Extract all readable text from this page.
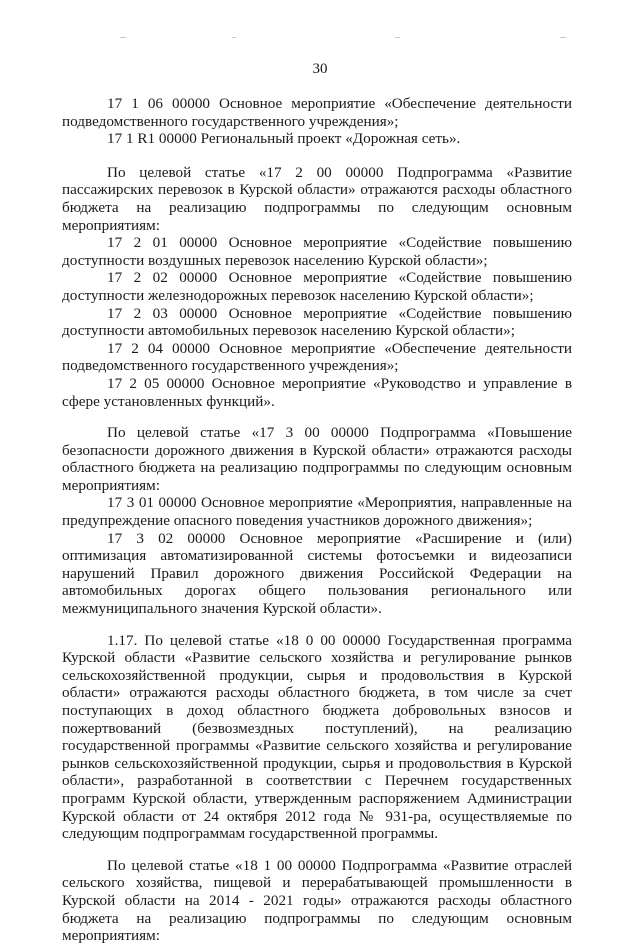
30

17 1 06 00000 Основное мероприятие «Обеспечение деятельности подведомственного государственного учреждения»;

17 1 R1 00000 Региональный проект «Дорожная сеть».

По целевой статье «17 2 00 00000 Подпрограмма «Развитие пассажирских перевозок в Курской области» отражаются расходы областного бюджета на реализацию подпрограммы по следующим основным мероприятиям:

17 2 01 00000 Основное мероприятие «Содействие повышению доступности воздушных перевозок населению Курской области»;

17 2 02 00000 Основное мероприятие «Содействие повышению доступности железнодорожных перевозок населению Курской области»;

17 2 03 00000 Основное мероприятие «Содействие повышению доступности автомобильных перевозок населению Курской области»;

17 2 04 00000 Основное мероприятие «Обеспечение деятельности подведомственного государственного учреждения»;

17 2 05 00000 Основное мероприятие «Руководство и управление в сфере установленных функций».

По целевой статье «17 3 00 00000 Подпрограмма «Повышение безопасности дорожного движения в Курской области» отражаются расходы областного бюджета на реализацию подпрограммы по следующим основным мероприятиям:

17 3 01 00000 Основное мероприятие «Мероприятия, направленные на предупреждение опасного поведения участников дорожного движения»;

17 3 02 00000 Основное мероприятие «Расширение и (или) оптимизация автоматизированной системы фотосъемки и видеозаписи нарушений Правил дорожного движения Российской Федерации на автомобильных дорогах общего пользования регионального или межмуниципального значения Курской области».

1.17. По целевой статье «18 0 00 00000 Государственная программа Курской области «Развитие сельского хозяйства и регулирование рынков сельскохозяйственной продукции, сырья и продовольствия в Курской области» отражаются расходы областного бюджета, в том числе за счет поступающих в доход областного бюджета добровольных взносов и пожертвований (безвозмездных поступлений), на реализацию государственной программы «Развитие сельского хозяйства и регулирование рынков сельскохозяйственной продукции, сырья и продовольствия в Курской области», разработанной в соответствии с Перечнем государственных программ Курской области, утвержденным распоряжением Администрации Курской области от 24 октября 2012 года № 931-ра, осуществляемые по следующим подпрограммам государственной программы.

По целевой статье «18 1 00 00000 Подпрограмма «Развитие отраслей сельского хозяйства, пищевой и перерабатывающей промышленности в Курской области на 2014 - 2021 годы» отражаются расходы областного бюджета на реализацию подпрограммы по следующим основным мероприятиям:
